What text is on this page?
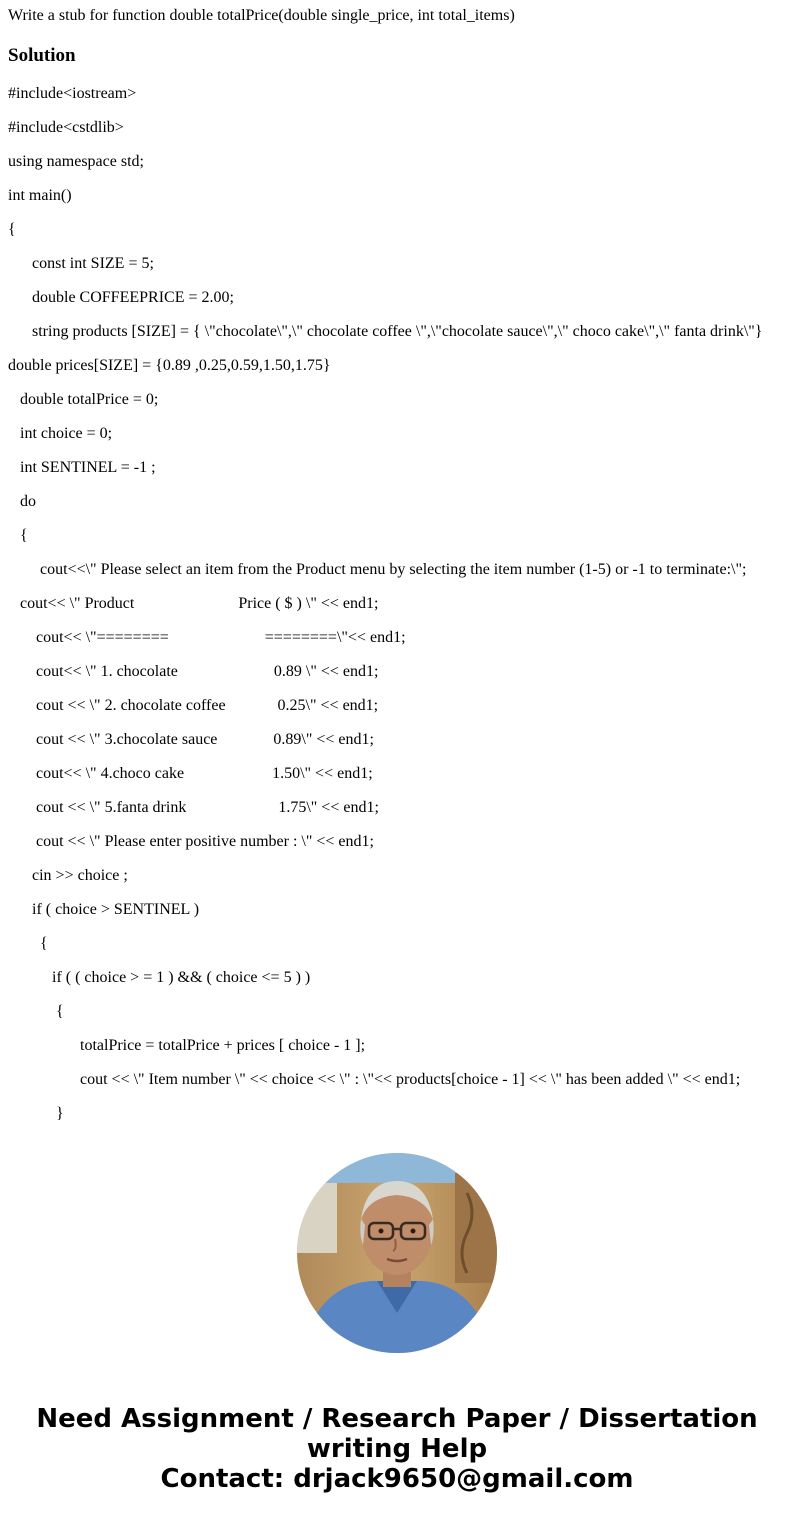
Write a stub for function double totalPrice(double single_price, int total_items)
Solution
#include<iostream>
#include<cstdlib>
using namespace std;
int main()
{
const int SIZE = 5;
double COFFEEPRICE = 2.00;
string products [SIZE] = { \"chocolate\",\" chocolate coffee \",\"chocolate sauce\",\" choco cake\",\" fanta drink\"}
double prices[SIZE] = {0.89 ,0.25,0.59,1.50,1.75}
double totalPrice = 0;
int choice = 0;
int SENTINEL = -1 ;
do
{
cout<<\" Please select an item from the Product menu by selecting the item number (1-5) or -1 to terminate:\";
cout<< \" Product                          Price ( $ ) \" << end1;
cout<< \"========                        ========\"<< end1;
cout<< \" 1. chocolate                        0.89 \" << end1;
cout << \" 2. chocolate coffee             0.25\" << end1;
cout << \" 3.chocolate sauce              0.89\" << end1;
cout<< \" 4.choco cake                      1.50\" << end1;
cout << \" 5.fanta drink                       1.75\" << end1;
cout << \" Please enter positive number : \" << end1;
cin >> choice ;
if ( choice > SENTINEL )
{
if ( ( choice > = 1 ) && ( choice <= 5 ) )
{
totalPrice = totalPrice + prices [ choice - 1 ];
cout << \" Item number \" << choice << \" : \"<< products[choice - 1] << \" has been added \" << end1;
}
Need Assignment / Research Paper / Dissertation
writing Help
Contact: drjack9650@gmail.com
